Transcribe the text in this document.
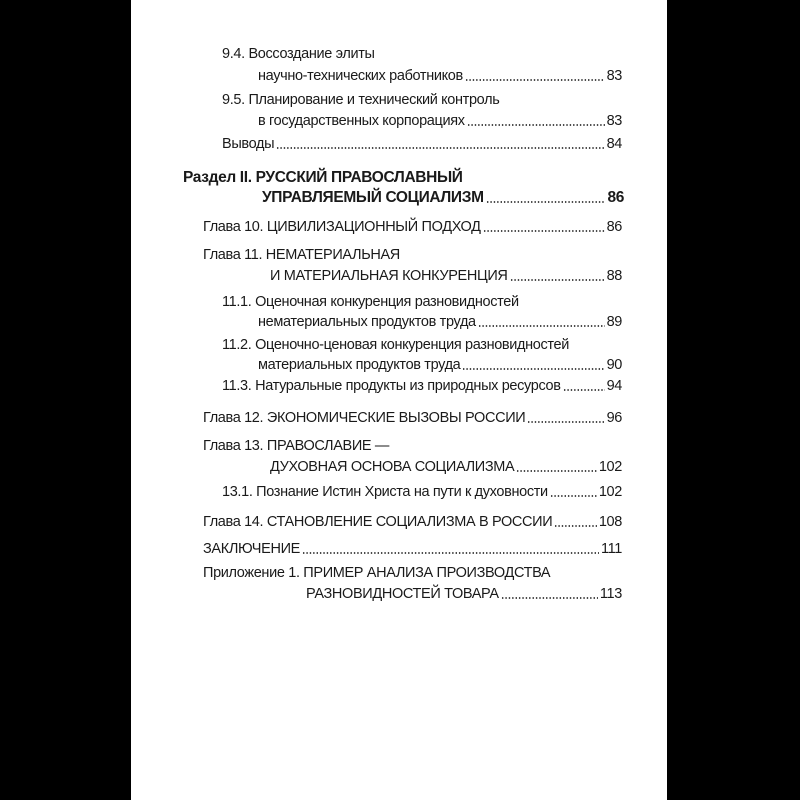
9.4. Воссоздание элиты
научно-технических работников	83
9.5. Планирование и технический контроль
в государственных корпорациях	83
Выводы	84
Раздел II. РУССКИЙ ПРАВОСЛАВНЫЙ
УПРАВЛЯЕМЫЙ СОЦИАЛИЗМ	86
Глава 10. ЦИВИЛИЗАЦИОННЫЙ ПОДХОД	86
Глава 11. НЕМАТЕРИАЛЬНАЯ
И МАТЕРИАЛЬНАЯ КОНКУРЕНЦИЯ	88
11.1. Оценочная конкуренция разновидностей
нематериальных продуктов труда	89
11.2. Оценочно-ценовая конкуренция разновидностей
материальных продуктов труда	90
11.3. Натуральные продукты из природных ресурсов	94
Глава 12. ЭКОНОМИЧЕСКИЕ ВЫЗОВЫ РОССИИ	96
Глава 13. ПРАВОСЛАВИЕ —
ДУХОВНАЯ ОСНОВА СОЦИАЛИЗМА	102
13.1. Познание Истин Христа на пути к духовности	102
Глава 14. СТАНОВЛЕНИЕ СОЦИАЛИЗМА В РОССИИ	108
ЗАКЛЮЧЕНИЕ	111
Приложение 1. ПРИМЕР АНАЛИЗА ПРОИЗВОДСТВА
РАЗНОВИДНОСТЕЙ ТОВАРА	113
